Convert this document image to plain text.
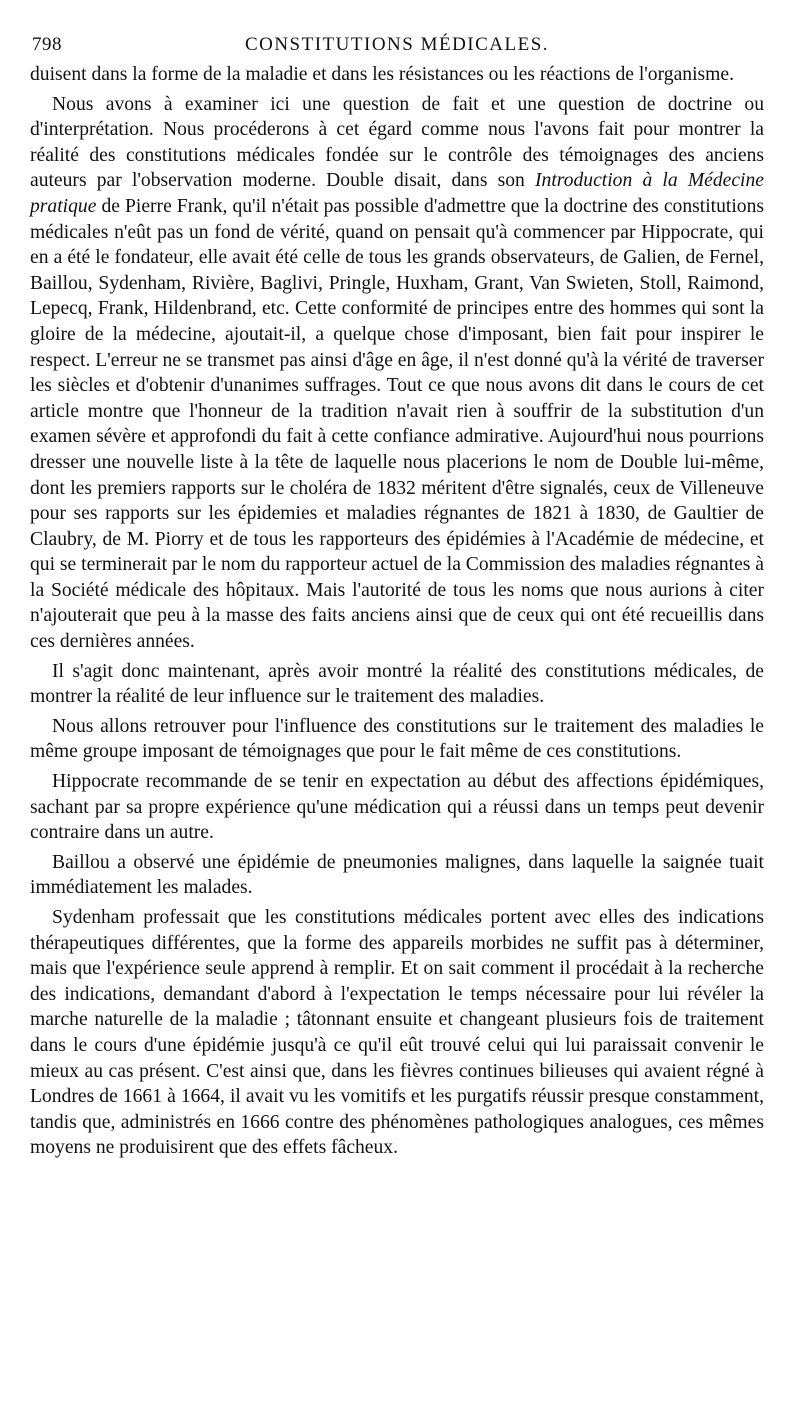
798	CONSTITUTIONS MÉDICALES.

duisent dans la forme de la maladie et dans les résistances ou les réactions de l'organisme.

Nous avons à examiner ici une question de fait et une question de doctrine ou d'interprétation. Nous procéderons à cet égard comme nous l'avons fait pour montrer la réalité des constitutions médicales fondée sur le contrôle des témoignages des anciens auteurs par l'observation moderne. Double disait, dans son Introduction à la Médecine pratique de Pierre Frank, qu'il n'était pas possible d'admettre que la doctrine des constitutions médicales n'eût pas un fond de vérité, quand on pensait qu'à commencer par Hippocrate, qui en a été le fondateur, elle avait été celle de tous les grands observateurs, de Galien, de Fernel, Baillou, Sydenham, Rivière, Baglivi, Pringle, Huxham, Grant, Van Swieten, Stoll, Raimond, Lepecq, Frank, Hildenbrand, etc. Cette conformité de principes entre des hommes qui sont la gloire de la médecine, ajoutait-il, a quelque chose d'imposant, bien fait pour inspirer le respect. L'erreur ne se transmet pas ainsi d'âge en âge, il n'est donné qu'à la vérité de traverser les siècles et d'obtenir d'unanimes suffrages. Tout ce que nous avons dit dans le cours de cet article montre que l'honneur de la tradition n'avait rien à souffrir de la substitution d'un examen sévère et approfondi du fait à cette confiance admirative. Aujourd'hui nous pourrions dresser une nouvelle liste à la tête de laquelle nous placerions le nom de Double lui-même, dont les premiers rapports sur le choléra de 1832 méritent d'être signalés, ceux de Villeneuve pour ses rapports sur les épidemies et maladies régnantes de 1821 à 1830, de Gaultier de Claubry, de M. Piorry et de tous les rapporteurs des épidémies à l'Académie de médecine, et qui se terminerait par le nom du rapporteur actuel de la Commission des maladies régnantes à la Société médicale des hôpitaux. Mais l'autorité de tous les noms que nous aurions à citer n'ajouterait que peu à la masse des faits anciens ainsi que de ceux qui ont été recueillis dans ces dernières années.

Il s'agit donc maintenant, après avoir montré la réalité des constitutions médicales, de montrer la réalité de leur influence sur le traitement des maladies.

Nous allons retrouver pour l'influence des constitutions sur le traitement des maladies le même groupe imposant de témoignages que pour le fait même de ces constitutions.

Hippocrate recommande de se tenir en expectation au début des affections épidémiques, sachant par sa propre expérience qu'une médication qui a réussi dans un temps peut devenir contraire dans un autre.

Baillou a observé une épidémie de pneumonies malignes, dans laquelle la saignée tuait immédiatement les malades.

Sydenham professait que les constitutions médicales portent avec elles des indications thérapeutiques différentes, que la forme des appareils morbides ne suffit pas à déterminer, mais que l'expérience seule apprend à remplir. Et on sait comment il procédait à la recherche des indications, demandant d'abord à l'expectation le temps nécessaire pour lui révéler la marche naturelle de la maladie ; tâtonnant ensuite et changeant plusieurs fois de traitement dans le cours d'une épidémie jusqu'à ce qu'il eût trouvé celui qui lui paraissait convenir le mieux au cas présent. C'est ainsi que, dans les fièvres continues bilieuses qui avaient régné à Londres de 1661 à 1664, il avait vu les vomitifs et les purgatifs réussir presque constamment, tandis que, administrés en 1666 contre des phénomènes pathologiques analogues, ces mêmes moyens ne produisirent que des effets fâcheux.
